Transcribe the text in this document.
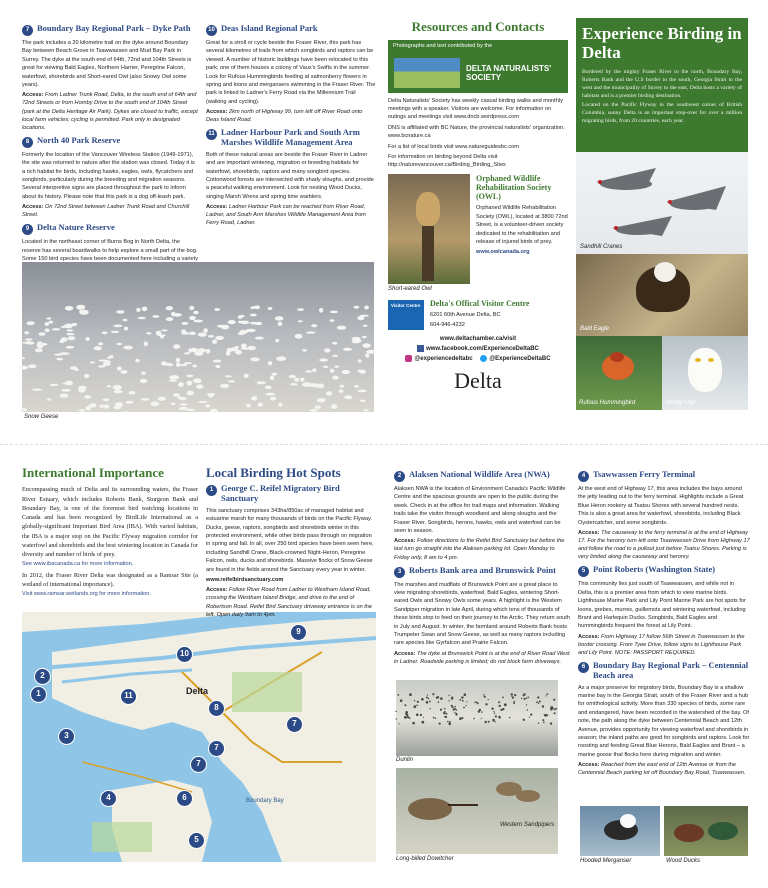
7 Boundary Bay Regional Park – Dyke Path

The park includes a 20 kilometre trail on the dyke around Boundary Bay between Beach Grove in Tsawwassen and Mud Bay Park in Surrey. The dyke at the south end of 64th, 72nd and 104th Streets is great for viewing Bald Eagles, Northern Harrier, Peregrine Falcon, waterfowl, shorebirds and Short-eared Owl (also Snowy Owl some years).

Access: From Ladner Trunk Road, Delta, to the south end of 64th and 72nd Streets or from Hornby Drive to the south end of 104th Street (park at the Delta Heritage Air Park). Dykes are closed to traffic, except local farm vehicles; cycling is permitted. Park only in designated locations.

8 North 40 Park Reserve

Formerly the location of the Vancouver Wireless Station (1949-1971), the site was returned to nature after the station was closed. Today it is a rich habitat for birds, including hawks, eagles, owls, flycatchers and songbirds, particularly during the breeding and migration seasons. Several interpretive signs are placed throughout the park to inform about its history. Please note that this park is a dog off-leash park.

Access: On 72nd Street between Ladner Trunk Road and Churchill Street.

9 Delta Nature Reserve

Located in the northeast corner of Burns Bog in North Delta, the reserve has several boardwalks to help explore a small part of the bog. Some 150 bird species have been documented here including a variety

10 Deas Island Regional Park

Great for a stroll or cycle beside the Fraser River, this park has several kilometres of trails from which songbirds and raptors can be viewed. A number of historic buildings have been relocated to this park; one of them houses a colony of Vaux's Swifts in the summer. Look for Rufous Hummingbirds feeding at salmonberry flowers in spring and loons and mergansers swimming in the Fraser River. The park is linked to Ladner's Ferry Road via the Millennium Trail (walking and cycling).

Access: 2km north of Highway 99, turn left off River Road onto Deas Island Road.

11 Ladner Harbour Park and South Arm Marshes Wildlife Management Area

Both of these natural areas are beside the Fraser River in Ladner and are important wintering, migration or breeding habitats for waterfowl, shorebirds, raptors and many songbird species. Cottonwood forests are intersected with shady sloughs, and provide a peaceful walking environment. Look for nesting Wood Ducks, singing Marsh Wrens and spring time warblers.

Access: Ladner Harbour Park can be reached from River Road, Ladner, and South Arm Marshes Wildlife Management Area from Ferry Road, Ladner.

Snow Geese
Resources and Contacts
Photographs and text contributed by the
DELTA NATURALISTS' SOCIETY

Delta Naturalists' Society has weekly casual birding walks and monthly meetings with a speaker. Visitors are welcome. For information on outings and meetings visit www.dncb.wordpress.com

DNS is affiliated with BC Nature, the provincial naturalists' organization. www.bcnature.ca

For a list of local birds visit www.natureguidesbc.com

For information on birding beyond Delta visit http://naturevancouver.ca/Birding_Birding_Sites

Orphaned Wildlife Rehabilitation Society (OWL)

Orphaned Wildlife Rehabilitation Society (OWL), located at 3800 72nd Street, is a volunteer-driven society dedicated to the rehabilitation and release of injured birds of prey.

www.owlcanada.org

Short-eared Owl
Visitor Centre	Delta's Offical Visitor Centre
6201 60th Avenue Delta, BC
604-946-4232
www.deltachamber.ca/visit
www.facebook.com/ExperienceDeltaBC
@experiencedeltabc	@ExperienceDeltaBC
Delta
Experience Birding in Delta
Bordered by the mighty Fraser River to the north, Boundary Bay, Roberts Bank and the U.S border to the south, Georgia Strait to the west and the municipality of Surrey to the east, Delta hosts a variety of habitats and is a premier birding destination.
Located on the Pacific Flyway in the southwest corner of British Columbia, sunny Delta is an important stop-over for over a million migrating birds, from 20 countries, each year.
Sandhill Cranes
Bald Eagle
Rufous Hummingbird	Snowy Owl
International Importance

Encompassing much of Delta and its surrounding waters, the Fraser River Estuary, which includes Roberts Bank, Sturgeon Bank and Boundary Bay, is one of the foremost bird watching locations in Canada and has been recognized by BirdLife International as a globally-significant Important Bird Area (IBA). With varied habitats, the IBA is a major stop on the Pacific Flyway migration corridor for waterfowl and shorebirds and the best wintering location in Canada for diversity and number of birds of prey.

See www.ibacanada.ca for more information.

In 2012, the Fraser River Delta was designated as a Ramsar Site (a wetland of international importance).

Visit www.ramsar.wetlands.org for more information.

Delta
Boundary Bay
9
10
2
1	11
8
3
7
7
7
4	6
5
Local Birding Hot Spots
1 George C. Reifel Migratory Bird Sanctuary

This sanctuary comprises 343ha/850ac of managed habitat and estuarine marsh for many thousands of birds on the Pacific Flyway. Ducks, geese, raptors, songbirds and shorebirds winter in this protected environment, while other birds pass through on migration in spring and fall. In all, over 250 bird species have been seen here, including Sandhill Crane, Black-crowned Night-Heron, Peregrine Falcon, owls, ducks and shorebirds. Massive flocks of Snow Geese are found in the fields around the Sanctuary every year in winter.

www.reifelbirdsanctuary.com

Access: Follow River Road from Ladner to Westham Island Road, crossing the Westham Island Bridge, and drive to the end of Robertson Road. Reifel Bird Sanctuary driveway entrance is on the left. Open daily 9am to 4pm.

2 Alaksen National Wildlife Area (NWA)

Alaksen NWA is the location of Environment Canada's Pacific Wildlife Centre and the spacious grounds are open to the public during the week. Check in at the office for trail maps and information. Walking trails take the visitor through woodland and along sloughs and the Fraser River. Songbirds, herons, hawks, owls and waterfowl can be seen in season.

Access: Follow directions to the Reifel Bird Sanctuary but before the last turn go straight into the Alaksen parking lot. Open Monday to Friday only, 8 am to 4 pm.

3 Roberts Bank area and Brunswick Point

The marshes and mudflats of Brunswick Point are a great place to view migrating shorebirds, waterfowl, Bald Eagles, wintering Short-eared Owls and Snowy Owls some years. A highlight is the Western Sandpiper migration in late April, during which tens of thousands of these birds stop to feed on their journey to the Arctic. They return south in July and August. In winter, the farmland around Roberts Bank hosts Trumpeter Swan and Snow Geese, as well as many raptors including rare species like Gyrfalcon and Prairie Falcon.

Access: The dyke at Brunswick Point is at the end of River Road West in Ladner. Roadside parking is limited; do not block farm driveways.

Dunlin
Western Sandpipers
Long-billed Dowitcher
4 Tsawwassen Ferry Terminal

At the west end of Highway 17, this area includes the bays around the jetty leading out to the ferry terminal. Highlights include a Great Blue Heron rookery at Tsatsu Shores with several hundred nests. This is also a great area for waterfowl, shorebirds, including Black Oystercatcher, and some songbirds.

Access: The causeway to the ferry terminal is at the end of Highway 17. For the heronry turn left onto Tsawwassen Drive from Highway 17 and follow the road to a pullout just before Tsatsu Shores. Parking is very limited along the causeway and heronry.

5 Point Roberts (Washington State)

This community lies just south of Tsawwassen, and while not in Delta, this is a premier area from which to view marine birds. Lighthouse Marine Park and Lily Point Marine Park are hot spots for loons, grebes, murres, guillemots and wintering waterfowl, including Brant and Harlequin Ducks. Songbirds, Bald Eagles and hummingbirds frequent the forest at Lily Point.

Access: From Highway 17 follow 56th Street in Tsawwassen to the border crossing. From Tyee Drive, follow signs to Lighthouse Park and Lily Point. NOTE: PASSPORT REQUIRED.

6 Boundary Bay Regional Park – Centennial Beach area

As a major preserve for migratory birds, Boundary Bay is a shallow marine bay in the Georgia Strait, south of the Fraser River and a hub for ornithological activity. More than 330 species of birds, some rare and endangered, have been recorded in the watershed of the bay. Of note, the path along the dyke between Centennial Beach and 12th Avenue, provides opportunity for viewing waterfowl and shorebirds in season; the inland paths are good for songbirds and raptors. Look for roosting and feeding Great Blue Herons, Bald Eagles and Brant – a marine goose that flocks here during migration and winter.

Access: Reached from the east end of 12th Avenue or from the Centennial Beach parking lot off Boundary Bay Road, Tsawwassen.

Hooded Merganser	Wood Ducks
